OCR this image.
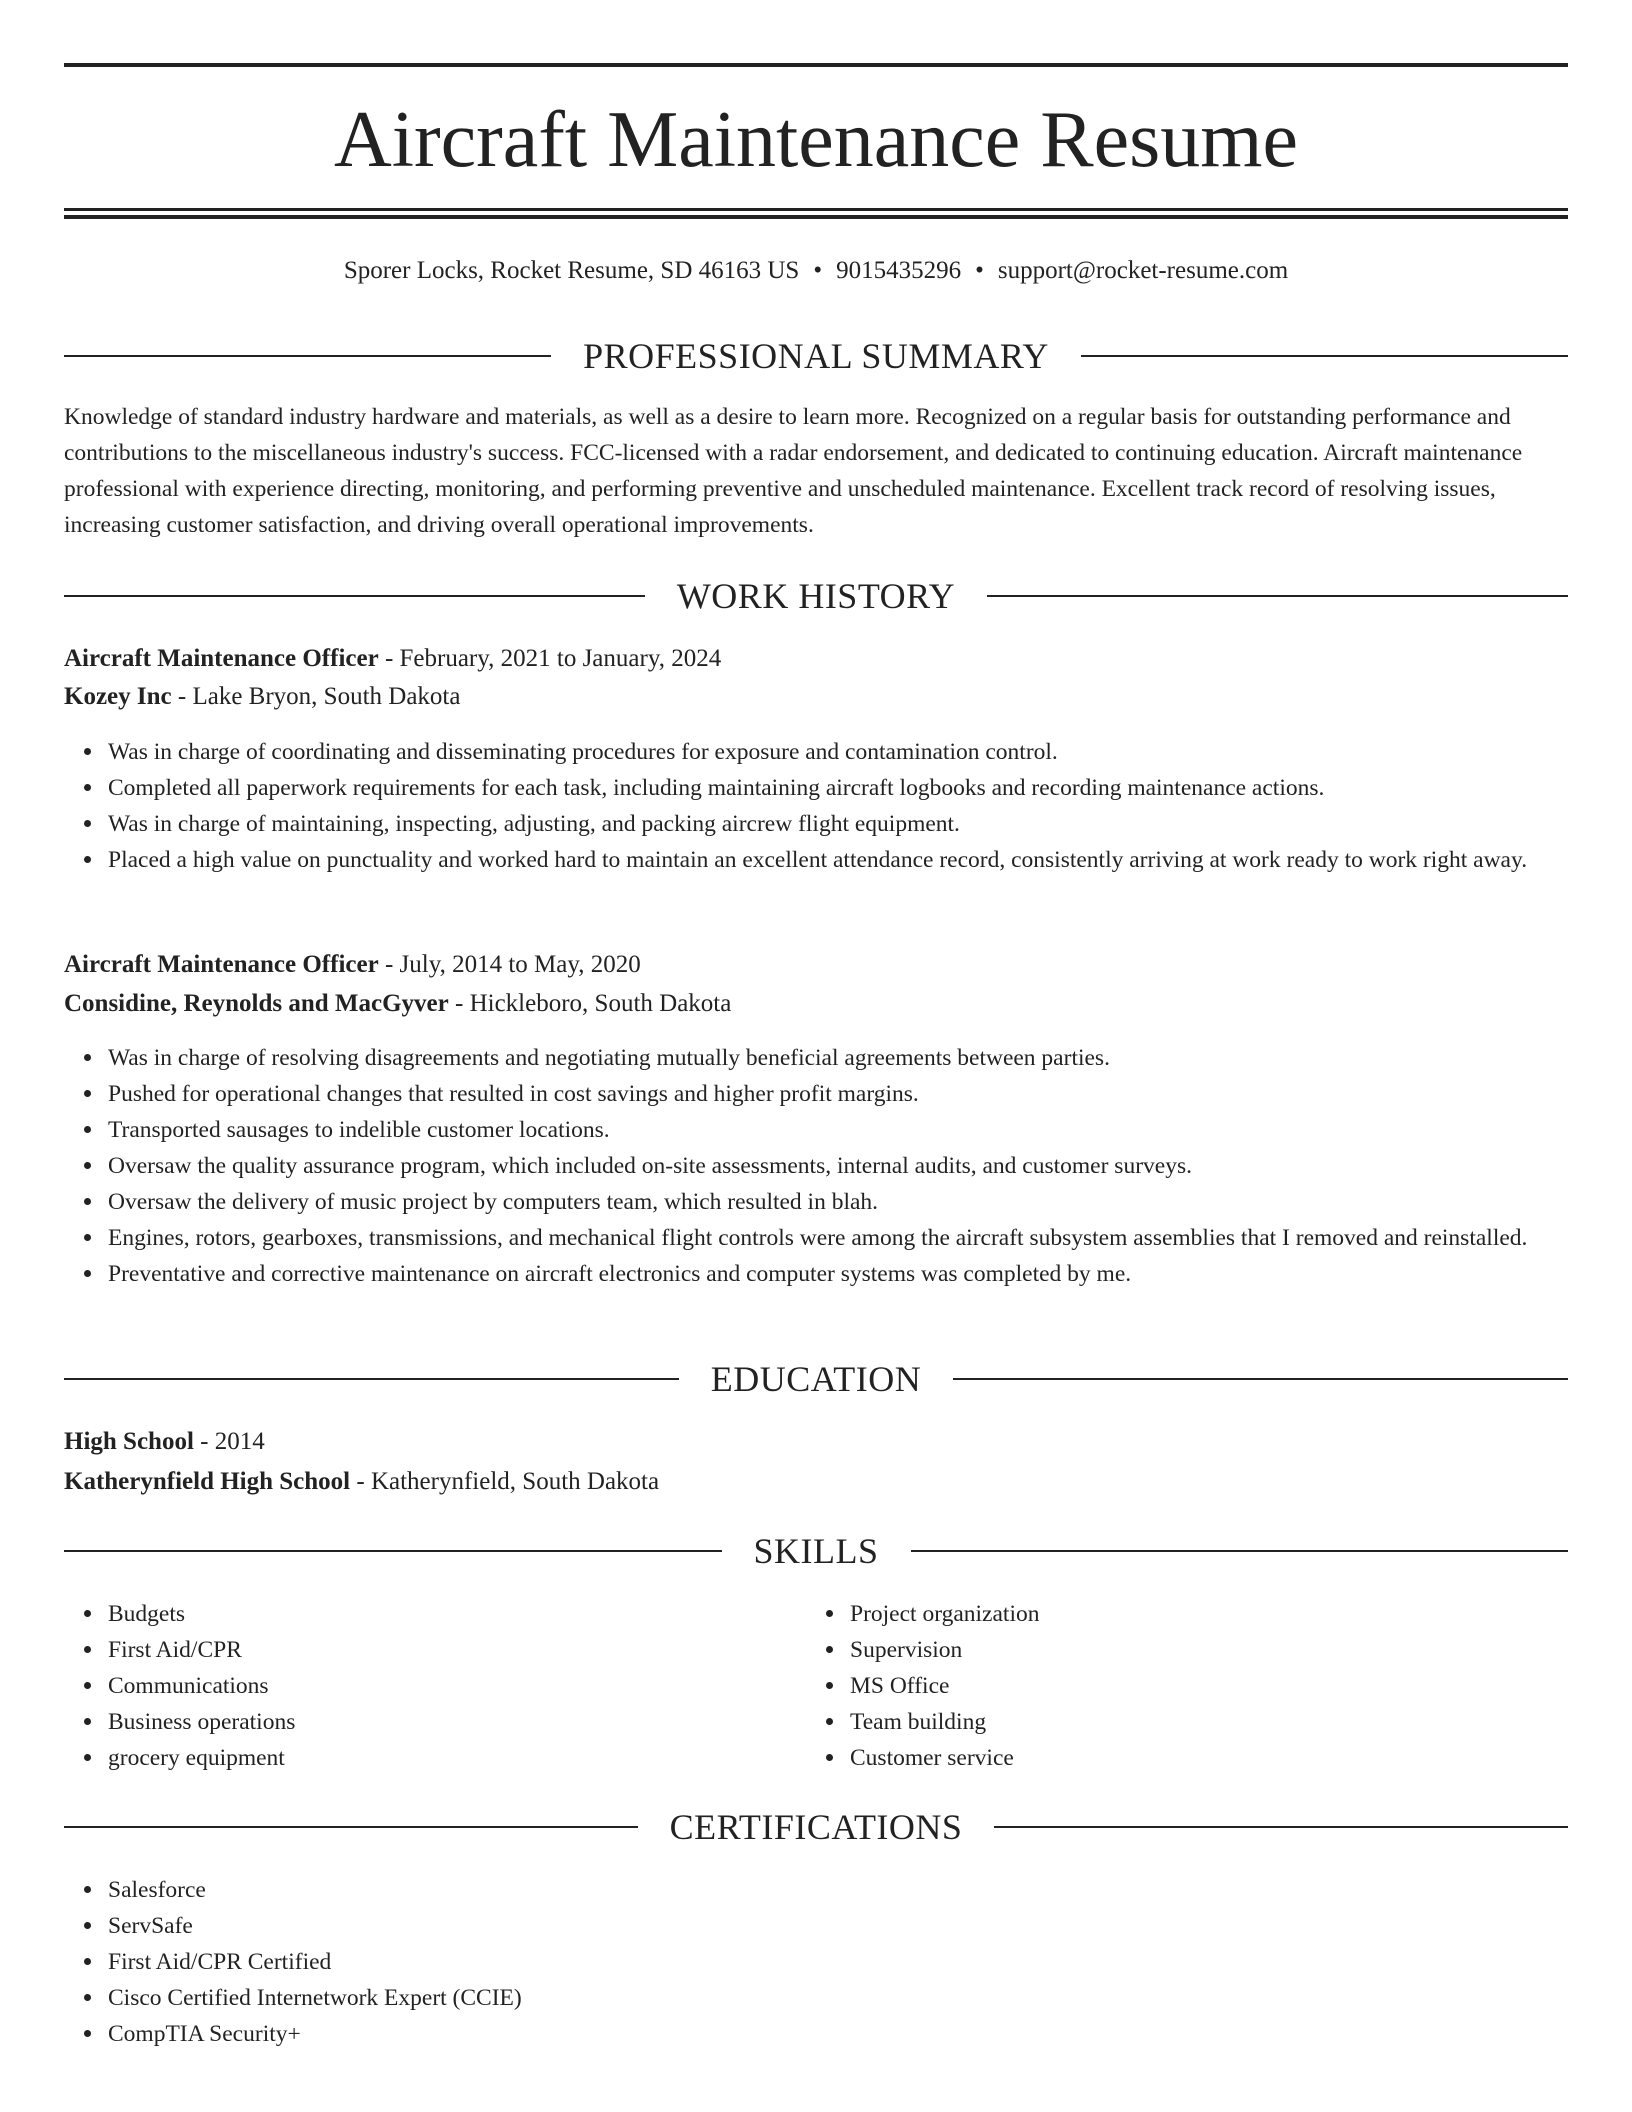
Aircraft Maintenance Resume
Sporer Locks, Rocket Resume, SD 46163 US • 9015435296 • support@rocket-resume.com
PROFESSIONAL SUMMARY

Knowledge of standard industry hardware and materials, as well as a desire to learn more. Recognized on a regular basis for outstanding performance and contributions to the miscellaneous industry's success. FCC-licensed with a radar endorsement, and dedicated to continuing education. Aircraft maintenance professional with experience directing, monitoring, and performing preventive and unscheduled maintenance. Excellent track record of resolving issues, increasing customer satisfaction, and driving overall operational improvements.

WORK HISTORY
Aircraft Maintenance Officer - February, 2021 to January, 2024
Kozey Inc - Lake Bryon, South Dakota
Was in charge of coordinating and disseminating procedures for exposure and contamination control.
Completed all paperwork requirements for each task, including maintaining aircraft logbooks and recording maintenance actions.
Was in charge of maintaining, inspecting, adjusting, and packing aircrew flight equipment.
Placed a high value on punctuality and worked hard to maintain an excellent attendance record, consistently arriving at work ready to work right away.
Aircraft Maintenance Officer - July, 2014 to May, 2020
Considine, Reynolds and MacGyver - Hickleboro, South Dakota
Was in charge of resolving disagreements and negotiating mutually beneficial agreements between parties.
Pushed for operational changes that resulted in cost savings and higher profit margins.
Transported sausages to indelible customer locations.
Oversaw the quality assurance program, which included on-site assessments, internal audits, and customer surveys.
Oversaw the delivery of music project by computers team, which resulted in blah.
Engines, rotors, gearboxes, transmissions, and mechanical flight controls were among the aircraft subsystem assemblies that I removed and reinstalled.
Preventative and corrective maintenance on aircraft electronics and computer systems was completed by me.
EDUCATION
High School - 2014
Katherynfield High School - Katherynfield, South Dakota
SKILLS
Budgets
First Aid/CPR
Communications
Business operations
grocery equipment
Project organization
Supervision
MS Office
Team building
Customer service
CERTIFICATIONS
Salesforce
ServSafe
First Aid/CPR Certified
Cisco Certified Internetwork Expert (CCIE)
CompTIA Security+
